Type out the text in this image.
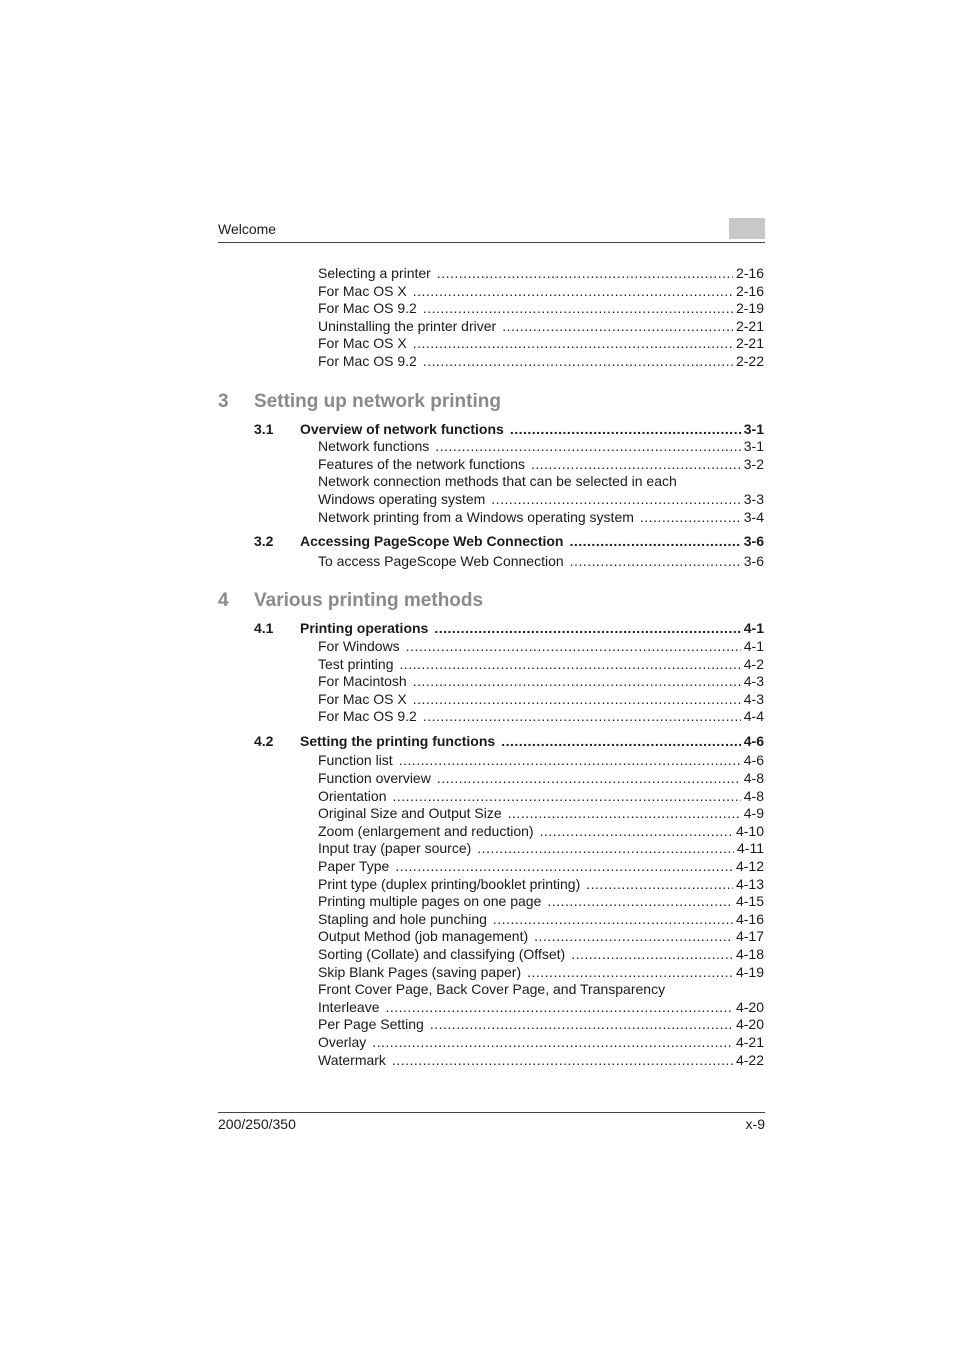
Welcome
Selecting a printer .....	2-16
For Mac OS X .....	2-16
For Mac OS 9.2 .....	2-19
Uninstalling the printer driver .....	2-21
For Mac OS X .....	2-21
For Mac OS 9.2 .....	2-22
3	Setting up network printing
3.1	Overview of network functions .....	3-1
Network functions .....	3-1
Features of the network functions .....	3-2
Network connection methods that can be selected in each
Windows operating system .....	3-3
Network printing from a Windows operating system .....	3-4
3.2	Accessing PageScope Web Connection .....	3-6
To access PageScope Web Connection .....	3-6
4	Various printing methods
4.1	Printing operations .....	4-1
For Windows .....	4-1
Test printing .....	4-2
For Macintosh .....	4-3
For Mac OS X .....	4-3
For Mac OS 9.2 .....	4-4
4.2	Setting the printing functions .....	4-6
Function list .....	4-6
Function overview .....	4-8
Orientation .....	4-8
Original Size and Output Size .....	4-9
Zoom (enlargement and reduction) .....	4-10
Input tray (paper source) .....	4-11
Paper Type .....	4-12
Print type (duplex printing/booklet printing) .....	4-13
Printing multiple pages on one page .....	4-15
Stapling and hole punching .....	4-16
Output Method (job management) .....	4-17
Sorting (Collate) and classifying (Offset) .....	4-18
Skip Blank Pages (saving paper) .....	4-19
Front Cover Page, Back Cover Page, and Transparency
Interleave .....	4-20
Per Page Setting .....	4-20
Overlay .....	4-21
Watermark .....	4-22
200/250/350	x-9
